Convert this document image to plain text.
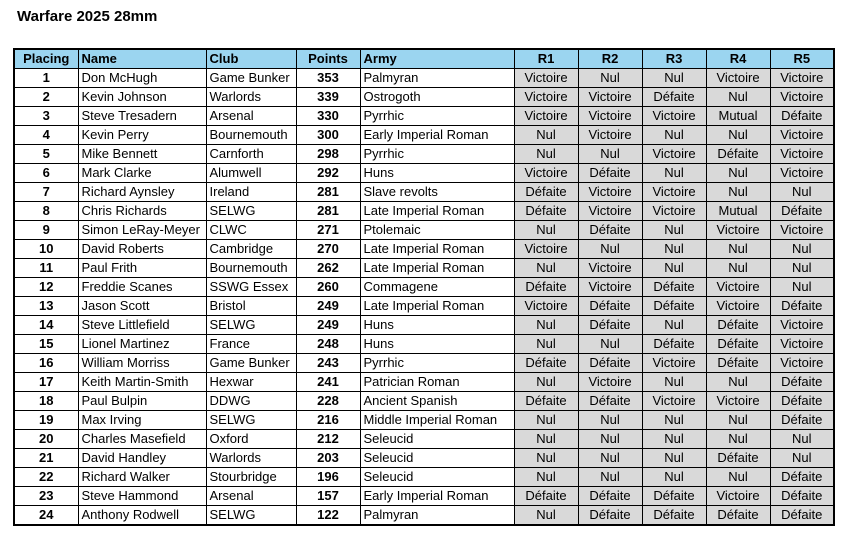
Warfare 2025 28mm
Placing	Name	Club	Points	Army	R1	R2	R3	R4	R5
1	Don McHugh	Game Bunker	353	Palmyran	Victoire	Nul	Nul	Victoire	Victoire
2	Kevin Johnson	Warlords	339	Ostrogoth	Victoire	Victoire	Défaite	Nul	Victoire
3	Steve Tresadern	Arsenal	330	Pyrrhic	Victoire	Victoire	Victoire	Mutual	Défaite
4	Kevin Perry	Bournemouth	300	Early Imperial Roman	Nul	Victoire	Nul	Nul	Victoire
5	Mike Bennett	Carnforth	298	Pyrrhic	Nul	Nul	Victoire	Défaite	Victoire
6	Mark Clarke	Alumwell	292	Huns	Victoire	Défaite	Nul	Nul	Victoire
7	Richard Aynsley	Ireland	281	Slave revolts	Défaite	Victoire	Victoire	Nul	Nul
8	Chris Richards	SELWG	281	Late Imperial Roman	Défaite	Victoire	Victoire	Mutual	Défaite
9	Simon LeRay-Meyer	CLWC	271	Ptolemaic	Nul	Défaite	Nul	Victoire	Victoire
10	David Roberts	Cambridge	270	Late Imperial Roman	Victoire	Nul	Nul	Nul	Nul
11	Paul Frith	Bournemouth	262	Late Imperial Roman	Nul	Victoire	Nul	Nul	Nul
12	Freddie Scanes	SSWG Essex	260	Commagene	Défaite	Victoire	Défaite	Victoire	Nul
13	Jason Scott	Bristol	249	Late Imperial Roman	Victoire	Défaite	Défaite	Victoire	Défaite
14	Steve Littlefield	SELWG	249	Huns	Nul	Défaite	Nul	Défaite	Victoire
15	Lionel Martinez	France	248	Huns	Nul	Nul	Défaite	Défaite	Victoire
16	William Morriss	Game Bunker	243	Pyrrhic	Défaite	Défaite	Victoire	Défaite	Victoire
17	Keith Martin-Smith	Hexwar	241	Patrician Roman	Nul	Victoire	Nul	Nul	Défaite
18	Paul Bulpin	DDWG	228	Ancient Spanish	Défaite	Défaite	Victoire	Victoire	Défaite
19	Max Irving	SELWG	216	Middle Imperial Roman	Nul	Nul	Nul	Nul	Défaite
20	Charles Masefield	Oxford	212	Seleucid	Nul	Nul	Nul	Nul	Nul
21	David Handley	Warlords	203	Seleucid	Nul	Nul	Nul	Défaite	Nul
22	Richard Walker	Stourbridge	196	Seleucid	Nul	Nul	Nul	Nul	Défaite
23	Steve Hammond	Arsenal	157	Early Imperial Roman	Défaite	Défaite	Défaite	Victoire	Défaite
24	Anthony Rodwell	SELWG	122	Palmyran	Nul	Défaite	Défaite	Défaite	Défaite
